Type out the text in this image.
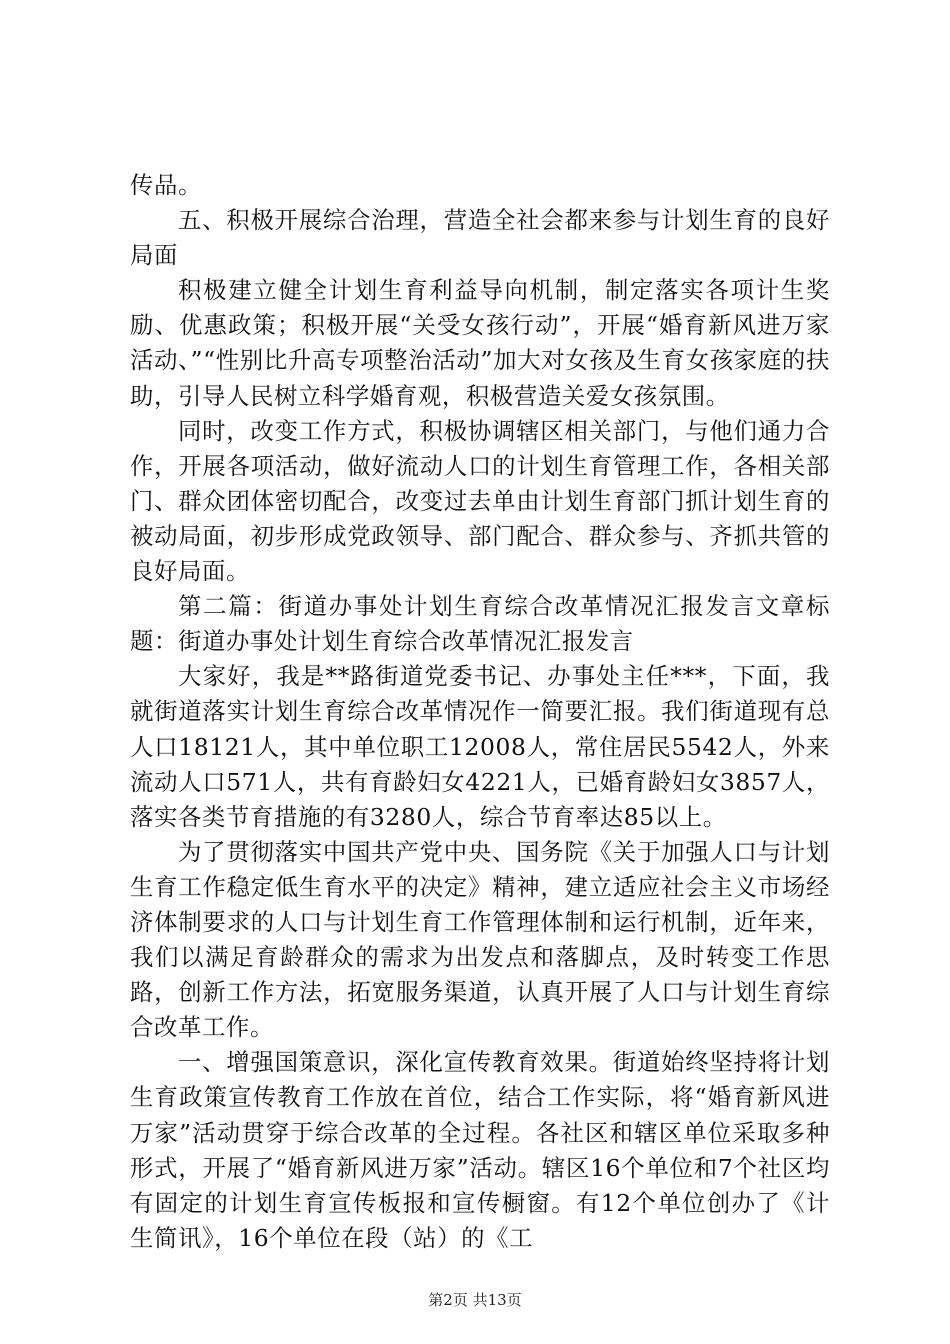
传品。

五、积极开展综合治理，营造全社会都来参与计划生育的良好局面

积极建立健全计划生育利益导向机制，制定落实各项计生奖励、优惠政策；积极开展“关受女孩行动”，开展“婚育新风进万家活动、”“性别比升高专项整治活动”加大对女孩及生育女孩家庭的扶助，引导人民树立科学婚育观，积极营造关爱女孩氛围。

同时，改变工作方式，积极协调辖区相关部门，与他们通力合作，开展各项活动，做好流动人口的计划生育管理工作，各相关部门、群众团体密切配合，改变过去单由计划生育部门抓计划生育的被动局面，初步形成党政领导、部门配合、群众参与、齐抓共管的良好局面。

第二篇：街道办事处计划生育综合改革情况汇报发言文章标题：街道办事处计划生育综合改革情况汇报发言

大家好，我是**路街道党委书记、办事处主任***，下面，我就街道落实计划生育综合改革情况作一简要汇报。我们街道现有总人口18121人，其中单位职工12008人，常住居民5542人，外来流动人口571人，共有育龄妇女4221人，已婚育龄妇女3857人，落实各类节育措施的有3280人，综合节育率达85以上。

为了贯彻落实中国共产党中央、国务院《关于加强人口与计划生育工作稳定低生育水平的决定》精神，建立适应社会主义市场经济体制要求的人口与计划生育工作管理体制和运行机制，近年来，我们以满足育龄群众的需求为出发点和落脚点，及时转变工作思路，创新工作方法，拓宽服务渠道，认真开展了人口与计划生育综合改革工作。

一、增强国策意识，深化宣传教育效果。街道始终坚持将计划生育政策宣传教育工作放在首位，结合工作实际，将“婚育新风进万家”活动贯穿于综合改革的全过程。各社区和辖区单位采取多种形式，开展了“婚育新风进万家”活动。辖区16个单位和7个社区均有固定的计划生育宣传板报和宣传橱窗。有12个单位创办了《计生简讯》，16个单位在段（站）的《工

第2页 共13页
